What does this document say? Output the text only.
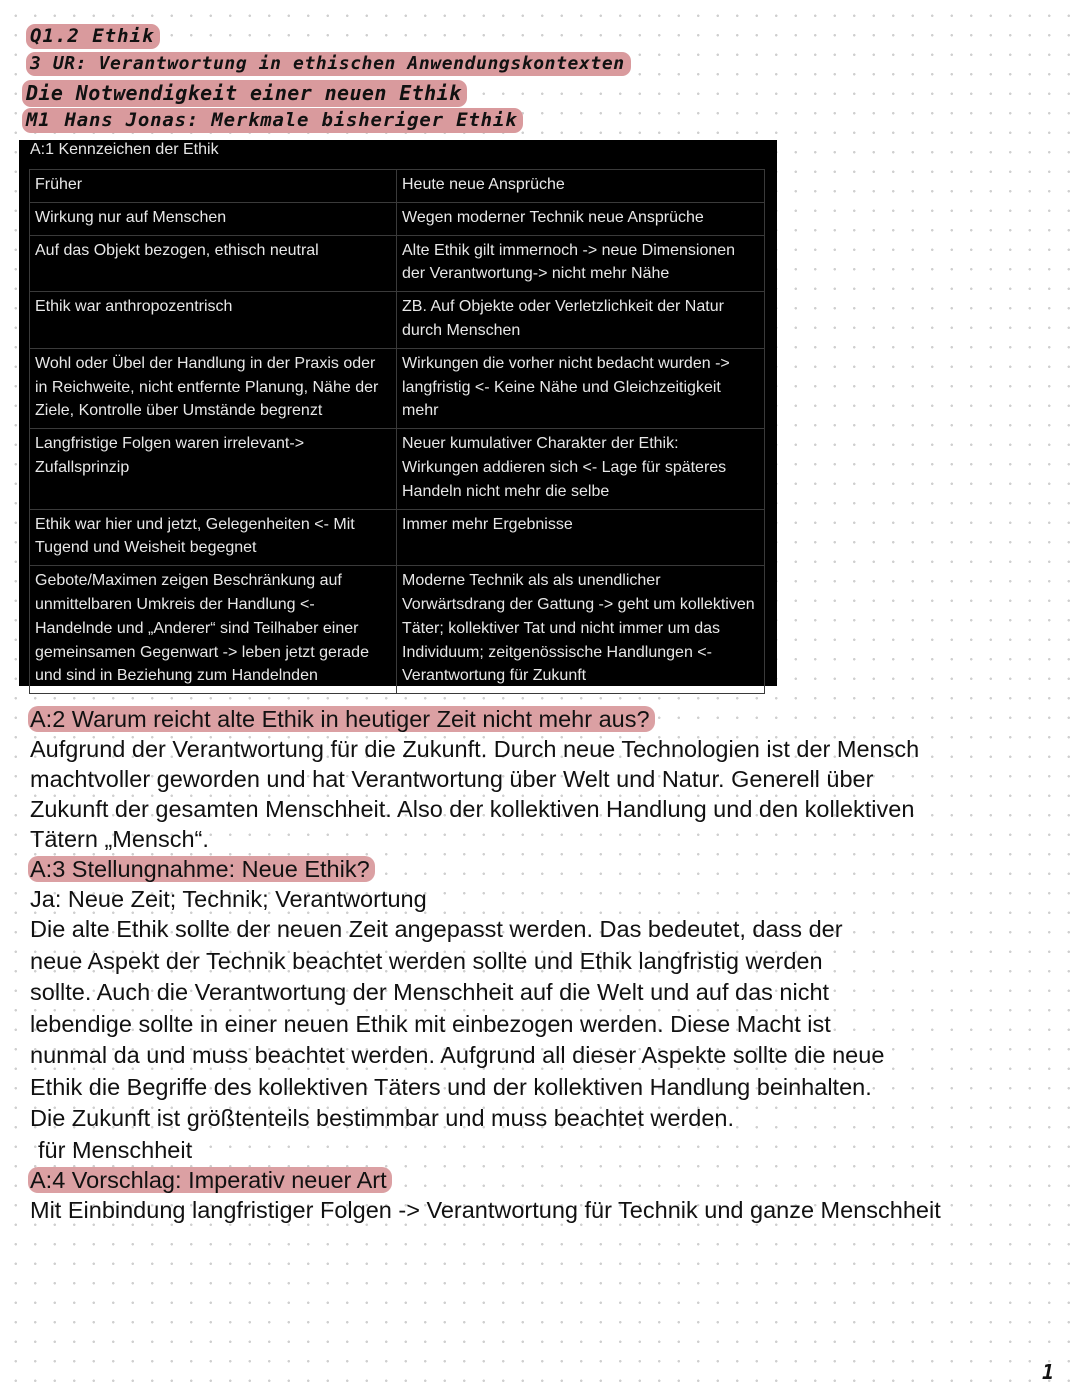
Q1.2 Ethik
3 UR: Verantwortung in ethischen Anwendungskontexten
Die Notwendigkeit einer neuen Ethik
M1 Hans Jonas: Merkmale bisheriger Ethik
A:1 Kennzeichen der Ethik
Früher	Heute neue Ansprüche
Wirkung nur auf Menschen	Wegen moderner Technik neue Ansprüche
Auf das Objekt bezogen, ethisch neutral	Alte Ethik gilt immernoch -> neue Dimensionen der Verantwortung-> nicht mehr Nähe
Ethik war anthropozentrisch	ZB. Auf Objekte oder Verletzlichkeit der Natur durch Menschen
Wohl oder Übel der Handlung in der Praxis oder
in Reichweite, nicht entfernte Planung, Nähe der
Ziele, Kontrolle über Umstände begrenzt	Wirkungen die vorher nicht bedacht wurden -> langfristig <- Keine Nähe und Gleichzeitigkeit mehr
Langfristige Folgen waren irrelevant->
Zufallsprinzip	Neuer kumulativer Charakter der Ethik: Wirkungen addieren sich <- Lage für späteres Handeln nicht mehr die selbe
Ethik war hier und jetzt, Gelegenheiten <- Mit
Tugend und Weisheit begegnet	Immer mehr Ergebnisse
Gebote/Maximen zeigen Beschränkung auf
unmittelbaren Umkreis der Handlung <-
Handelnde und „Anderer“ sind Teilhaber einer
gemeinsamen Gegenwart -> leben jetzt gerade
und sind in Beziehung zum Handelnden	Moderne Technik als als unendlicher Vorwärtsdrang der Gattung -> geht um kollektiven Täter; kollektiver Tat und nicht immer um das Individuum; zeitgenössische Handlungen <- Verantwortung für Zukunft
A:2 Warum reicht alte Ethik in heutiger Zeit nicht mehr aus?
Aufgrund der Verantwortung für die Zukunft. Durch neue Technologien ist der Mensch
machtvoller geworden und hat Verantwortung über Welt und Natur. Generell über
Zukunft der gesamten Menschheit. Also der kollektiven Handlung und den kollektiven
Tätern „Mensch“.
A:3 Stellungnahme: Neue Ethik?
Ja: Neue Zeit; Technik; Verantwortung
Die alte Ethik sollte der neuen Zeit angepasst werden. Das bedeutet, dass der
neue Aspekt der Technik beachtet werden sollte und Ethik langfristig werden
sollte. Auch die Verantwortung der Menschheit auf die Welt und auf das nicht
lebendige sollte in einer neuen Ethik mit einbezogen werden. Diese Macht ist
nunmal da und muss beachtet werden. Aufgrund all dieser Aspekte sollte die neue
Ethik die Begriffe des kollektiven Täters und der kollektiven Handlung beinhalten.
Die Zukunft ist größtenteils bestimmbar und muss beachtet werden.
für Menschheit
A:4 Vorschlag: Imperativ neuer Art
Mit Einbindung langfristiger Folgen -> Verantwortung für Technik und ganze Menschheit
1
